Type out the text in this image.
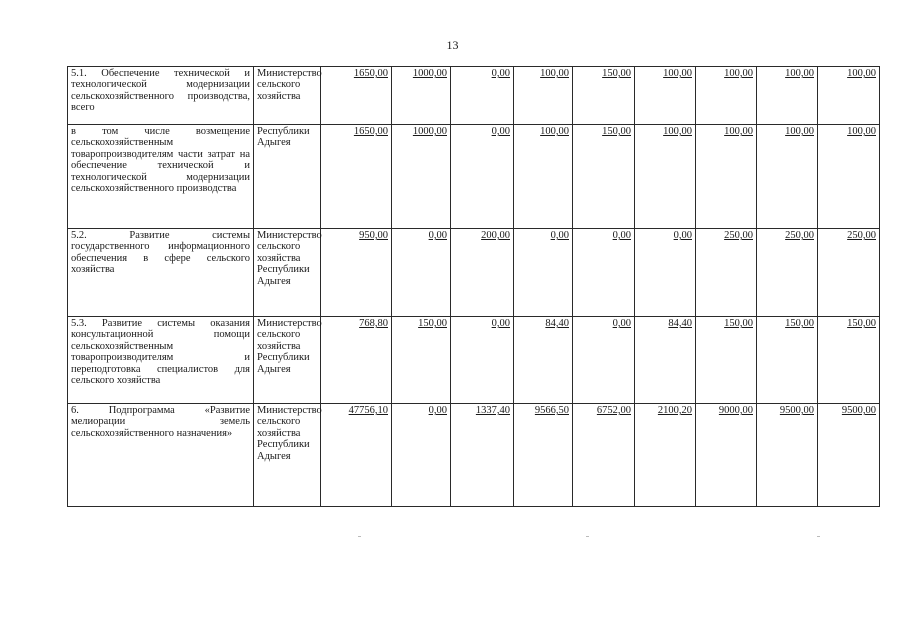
13
5.1. Обеспечение технической и технологической модернизации сельскохозяйственного производства, всего	Министерство сельского хозяйства	1650,00	1000,00	0,00	100,00	150,00	100,00	100,00	100,00	100,00
в том числе возмещение сельскохозяйственным товаропроизводителям части затрат на обеспечение технической и технологической модернизации сельскохозяйственного производства	Республики Адыгея	1650,00	1000,00	0,00	100,00	150,00	100,00	100,00	100,00	100,00
5.2. Развитие системы государственного информационного обеспечения в сфере сельского хозяйства	Министерство сельского хозяйства Республики Адыгея	950,00	0,00	200,00	0,00	0,00	0,00	250,00	250,00	250,00
5.3. Развитие системы оказания консультационной помощи сельскохозяйственным товаропроизводителям и переподготовка специалистов для сельского хозяйства	Министерство сельского хозяйства Республики Адыгея	768,80	150,00	0,00	84,40	0,00	84,40	150,00	150,00	150,00
6. Подпрограмма «Развитие мелиорации земель сельскохозяйственного назначения»	Министерство сельского хозяйства Республики Адыгея	47756,10	0,00	1337,40	9566,50	6752,00	2100,20	9000,00	9500,00	9500,00
